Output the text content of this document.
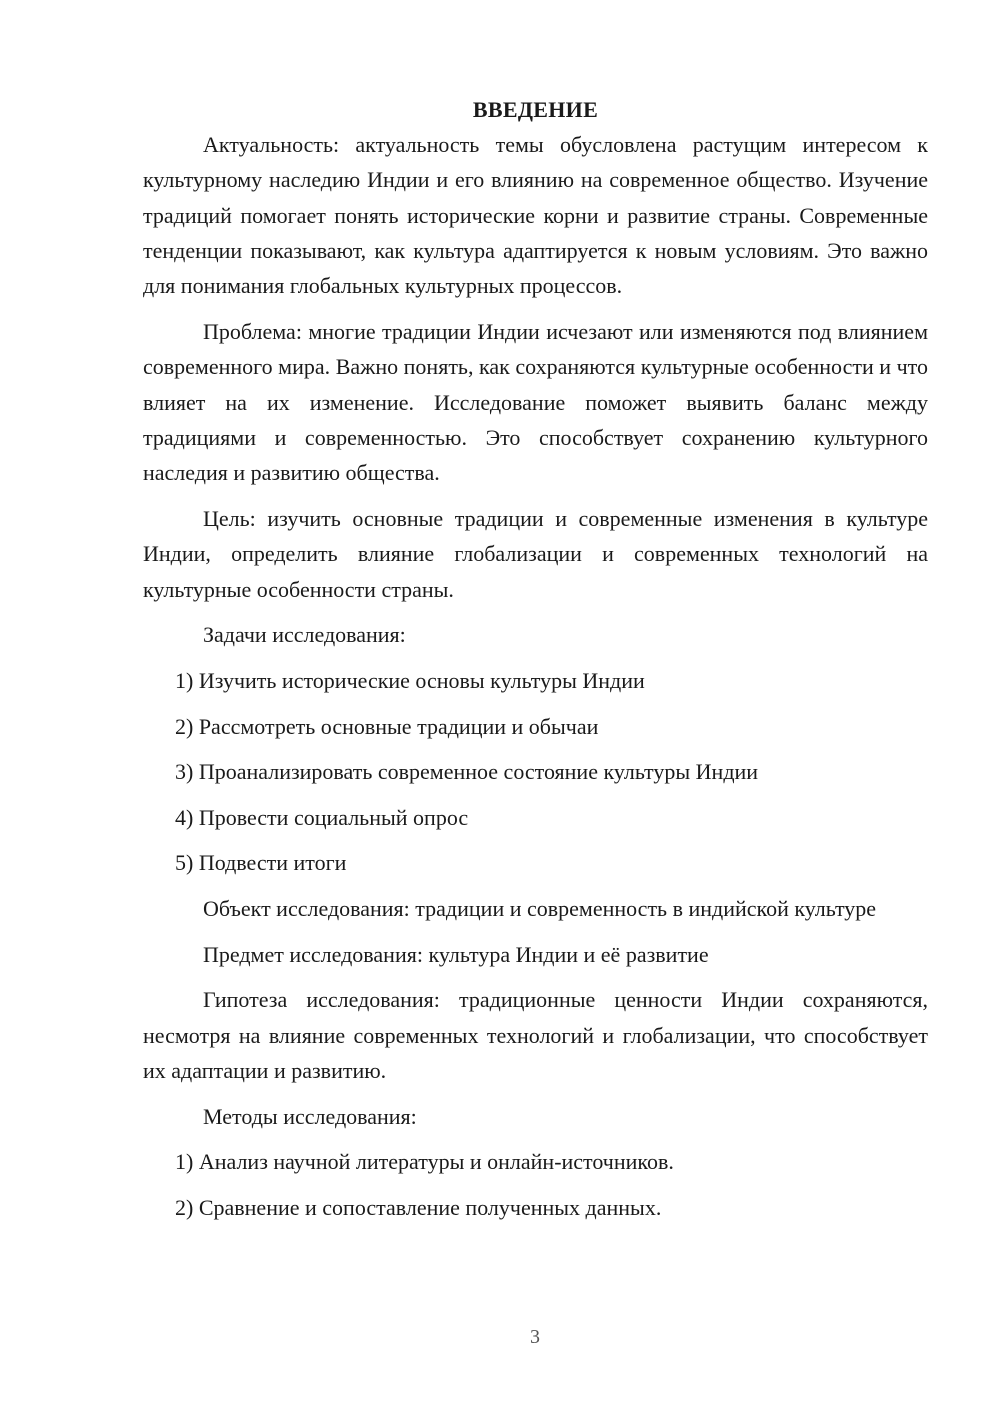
ВВЕДЕНИЕ

Актуальность: актуальность темы обусловлена растущим интересом к культурному наследию Индии и его влиянию на современное общество. Изучение традиций помогает понять исторические корни и развитие страны. Современные тенденции показывают, как культура адаптируется к новым условиям. Это важно для понимания глобальных культурных процессов.

Проблема: многие традиции Индии исчезают или изменяются под влиянием современного мира. Важно понять, как сохраняются культурные особенности и что влияет на их изменение. Исследование поможет выявить баланс между традициями и современностью. Это способствует сохранению культурного наследия и развитию общества.

Цель: изучить основные традиции и современные изменения в культуре Индии, определить влияние глобализации и современных технологий на культурные особенности страны.

Задачи исследования:
1) Изучить исторические основы культуры Индии
2) Рассмотреть основные традиции и обычаи
3) Проанализировать современное состояние культуры Индии
4) Провести социальный опрос
5) Подвести итоги

Объект исследования: традиции и современность в индийской культуре

Предмет исследования: культура Индии и её развитие

Гипотеза исследования: традиционные ценности Индии сохраняются, несмотря на влияние современных технологий и глобализации, что способствует их адаптации и развитию.

Методы исследования:
1) Анализ научной литературы и онлайн-источников.
2) Сравнение и сопоставление полученных данных.
3
